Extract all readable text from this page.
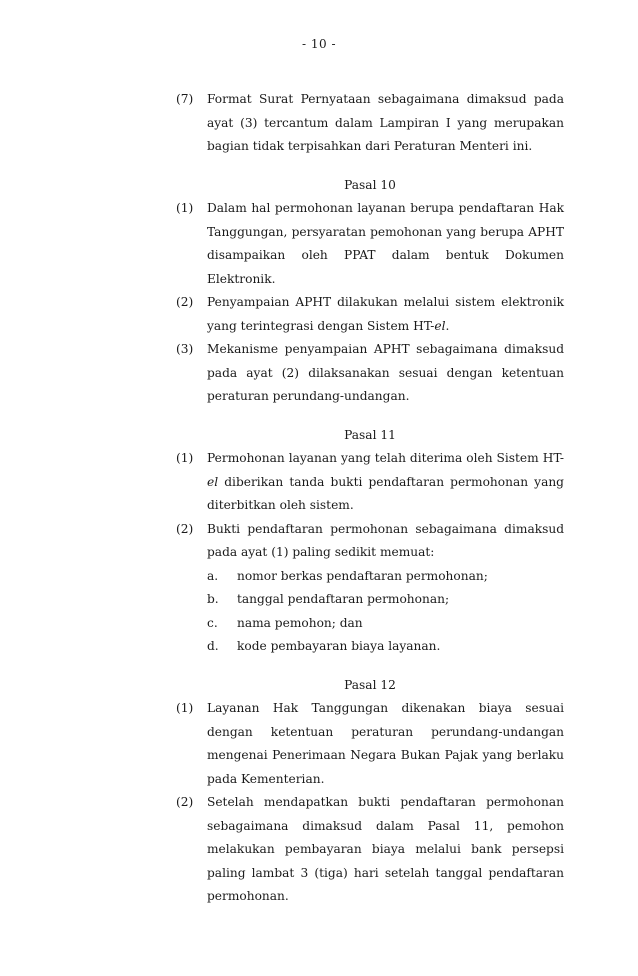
- 10 -
(7)	Format Surat Pernyataan sebagaimana dimaksud pada ayat (3) tercantum dalam Lampiran I yang merupakan bagian tidak terpisahkan dari Peraturan Menteri ini.

Pasal 10

(1)	Dalam hal permohonan layanan berupa pendaftaran Hak Tanggungan, persyaratan pemohonan yang berupa APHT disampaikan oleh PPAT dalam bentuk Dokumen Elektronik.
(2)	Penyampaian APHT dilakukan melalui sistem elektronik yang terintegrasi dengan Sistem HT-el.
(3)	Mekanisme penyampaian APHT sebagaimana dimaksud pada ayat (2) dilaksanakan sesuai dengan ketentuan peraturan perundang-undangan.

Pasal 11

(1)	Permohonan layanan yang telah diterima oleh Sistem HT-el diberikan tanda bukti pendaftaran permohonan yang diterbitkan oleh sistem.
(2)	Bukti pendaftaran permohonan sebagaimana dimaksud pada ayat (1) paling sedikit memuat:
a.	nomor berkas pendaftaran permohonan;
b.	tanggal pendaftaran permohonan;
c.	nama pemohon; dan
d.	kode pembayaran biaya layanan.

Pasal 12

(1)	Layanan Hak Tanggungan dikenakan biaya sesuai dengan ketentuan peraturan perundang-undangan mengenai Penerimaan Negara Bukan Pajak yang berlaku pada Kementerian.
(2)	Setelah mendapatkan bukti pendaftaran permohonan sebagaimana dimaksud dalam Pasal 11, pemohon melakukan pembayaran biaya melalui bank persepsi paling lambat 3 (tiga) hari setelah tanggal pendaftaran permohonan.
